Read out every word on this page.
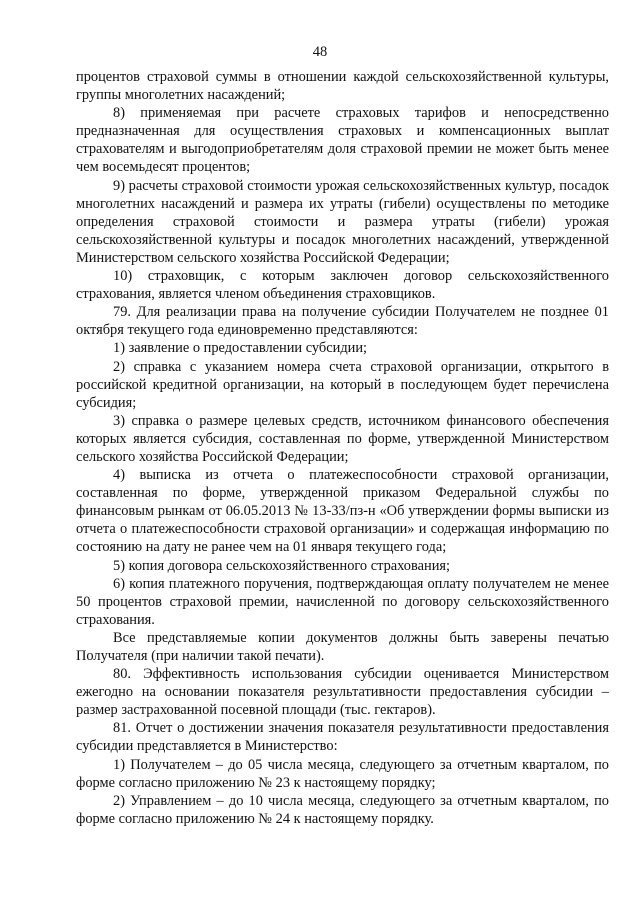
48

процентов страховой суммы в отношении каждой сельскохозяйственной культуры, группы многолетних насаждений;

8) применяемая при расчете страховых тарифов и непосредственно предназначенная для осуществления страховых и компенсационных выплат страхователям и выгодоприобретателям доля страховой премии не может быть менее чем восемьдесят процентов;

9) расчеты страховой стоимости урожая сельскохозяйственных культур, посадок многолетних насаждений и размера их утраты (гибели) осуществлены по методике определения страховой стоимости и размера утраты (гибели) урожая сельскохозяйственной культуры и посадок многолетних насаждений, утвержденной Министерством сельского хозяйства Российской Федерации;

10) страховщик, с которым заключен договор сельскохозяйственного страхования, является членом объединения страховщиков.

79. Для реализации права на получение субсидии Получателем не позднее 01 октября текущего года единовременно представляются:

1) заявление о предоставлении субсидии;

2) справка с указанием номера счета страховой организации, открытого в российской кредитной организации, на который в последующем будет перечислена субсидия;

3) справка о размере целевых средств, источником финансового обеспечения которых является субсидия, составленная по форме, утвержденной Министерством сельского хозяйства Российской Федерации;

4) выписка из отчета о платежеспособности страховой организации, составленная по форме, утвержденной приказом Федеральной службы по финансовым рынкам от 06.05.2013 № 13-33/пз-н «Об утверждении формы выписки из отчета о платежеспособности страховой организации» и содержащая информацию по состоянию на дату не ранее чем на 01 января текущего года;

5) копия договора сельскохозяйственного страхования;

6) копия платежного поручения, подтверждающая оплату получателем не менее 50 процентов страховой премии, начисленной по договору сельскохозяйственного страхования.

Все представляемые копии документов должны быть заверены печатью Получателя (при наличии такой печати).

80. Эффективность использования субсидии оценивается Министерством ежегодно на основании показателя результативности предоставления субсидии – размер застрахованной посевной площади (тыс. гектаров).

81. Отчет о достижении значения показателя результативности предоставления субсидии представляется в Министерство:

1) Получателем – до 05 числа месяца, следующего за отчетным кварталом, по форме согласно приложению № 23 к настоящему порядку;

2) Управлением – до 10 числа месяца, следующего за отчетным кварталом, по форме согласно приложению № 24 к настоящему порядку.
